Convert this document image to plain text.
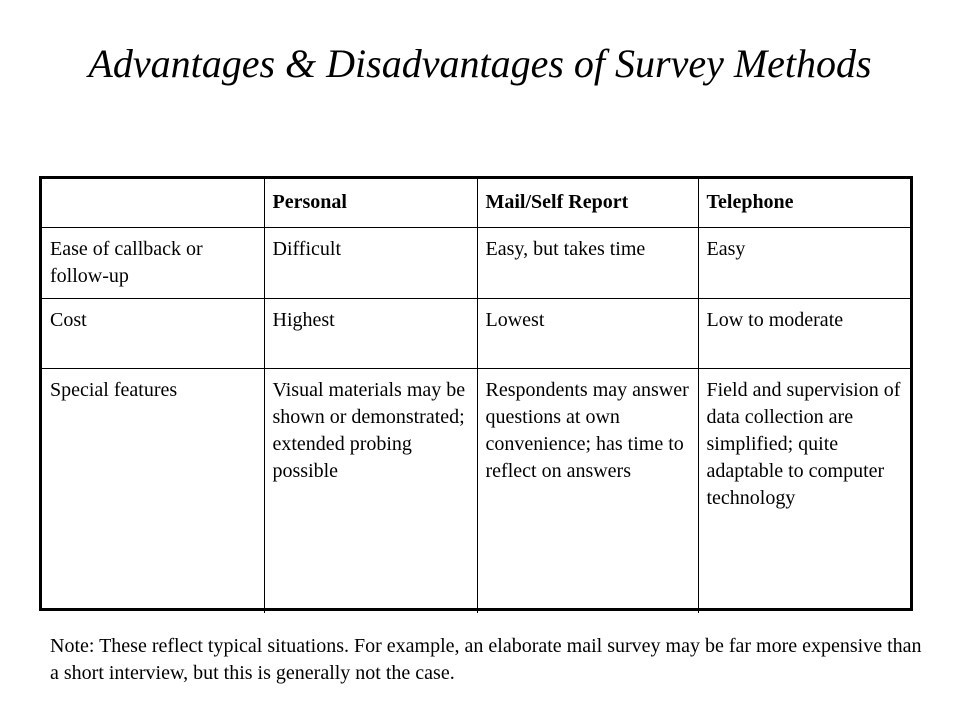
Advantages & Disadvantages of Survey Methods
	Personal	Mail/Self Report	Telephone
Ease of callback or follow-up	Difficult	Easy, but takes time	Easy
Cost	Highest	Lowest	Low to moderate
Special features	Visual materials may be shown or demonstrated; extended probing possible	Respondents may answer questions at own convenience; has time to reflect on answers	Field and supervision of data collection are simplified; quite adaptable to computer technology

Note: These reflect typical situations. For example, an elaborate mail survey may be far more expensive than a short interview, but this is generally not the case.
